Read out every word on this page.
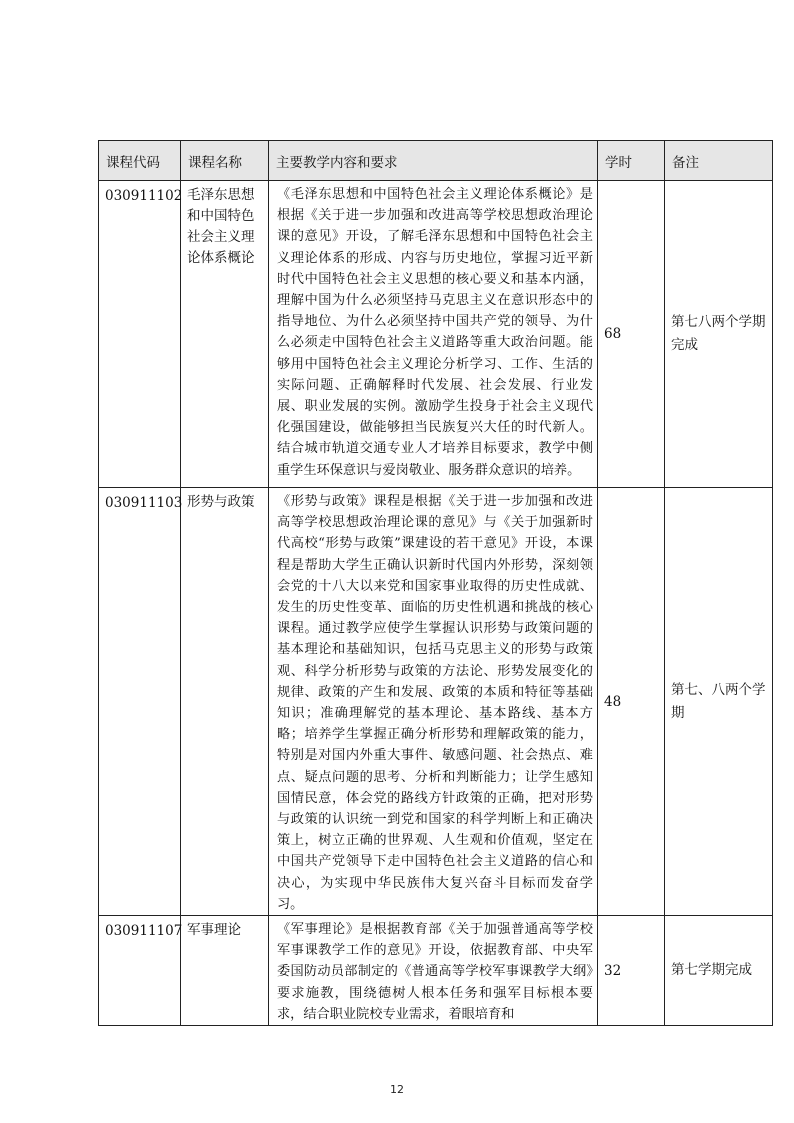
课程代码	课程名称	主要教学内容和要求	学时	备注
030911102	毛泽东思想和中国特色社会主义理论体系概论	《毛泽东思想和中国特色社会主义理论体系概论》是根据《关于进一步加强和改进高等学校思想政治理论课的意见》开设，了解毛泽东思想和中国特色社会主义理论体系的形成、内容与历史地位，掌握习近平新时代中国特色社会主义思想的核心要义和基本内涵，理解中国为什么必须坚持马克思主义在意识形态中的指导地位、为什么必须坚持中国共产党的领导、为什么必须走中国特色社会主义道路等重大政治问题。能够用中国特色社会主义理论分析学习、工作、生活的实际问题、正确解释时代发展、社会发展、行业发展、职业发展的实例。激励学生投身于社会主义现代化强国建设，做能够担当民族复兴大任的时代新人。结合城市轨道交通专业人才培养目标要求，教学中侧重学生环保意识与爱岗敬业、服务群众意识的培养。	68	第七八两个学期完成
030911103	形势与政策	《形势与政策》课程是根据《关于进一步加强和改进高等学校思想政治理论课的意见》与《关于加强新时代高校“形势与政策”课建设的若干意见》开设，本课程是帮助大学生正确认识新时代国内外形势，深刻领会党的十八大以来党和国家事业取得的历史性成就、发生的历史性变革、面临的历史性机遇和挑战的核心课程。通过教学应使学生掌握认识形势与政策问题的基本理论和基础知识，包括马克思主义的形势与政策观、科学分析形势与政策的方法论、形势发展变化的规律、政策的产生和发展、政策的本质和特征等基础知识；准确理解党的基本理论、基本路线、基本方略；培养学生掌握正确分析形势和理解政策的能力，特别是对国内外重大事件、敏感问题、社会热点、难点、疑点问题的思考、分析和判断能力；让学生感知国情民意，体会党的路线方针政策的正确，把对形势与政策的认识统一到党和国家的科学判断上和正确决策上，树立正确的世界观、人生观和价值观，坚定在中国共产党领导下走中国特色社会主义道路的信心和决心，为实现中华民族伟大复兴奋斗目标而发奋学习。	48	第七、八两个学期
030911107	军事理论	《军事理论》是根据教育部《关于加强普通高等学校军事课教学工作的意见》开设，依据教育部、中央军委国防动员部制定的《普通高等学校军事课教学大纲》要求施教，围绕德树人根本任务和强军目标根本要求，结合职业院校专业需求，着眼培育和	32	第七学期完成
12
